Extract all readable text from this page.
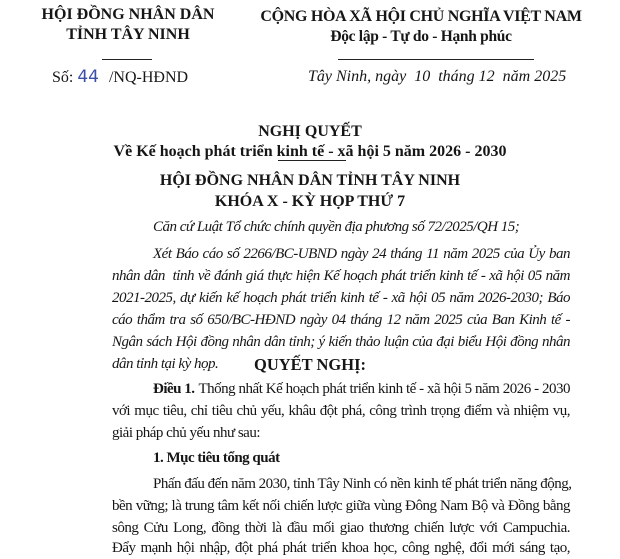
HỘI ĐỒNG NHÂN DÂN
TỈNH TÂY NINH
CỘNG HÒA XÃ HỘI CHỦ NGHĨA VIỆT NAM
Độc lập - Tự do - Hạnh phúc
Số: 44 /NQ-HĐND	Tây Ninh, ngày  10  tháng 12  năm 2025
NGHỊ QUYẾT
Về Kế hoạch phát triển kinh tế - xã hội 5 năm 2026 - 2030
HỘI ĐỒNG NHÂN DÂN TỈNH TÂY NINH
KHÓA X - KỲ HỌP THỨ 7
Căn cứ Luật Tổ chức chính quyền địa phương số 72/2025/QH 15;
Xét Báo cáo số 2266/BC-UBND ngày 24 tháng 11 năm 2025 của Ủy ban
nhân dân  tỉnh về đánh giá thực hiện Kế hoạch phát triển kinh tế - xã hội 05 năm
2021-2025, dự kiến kế hoạch phát triển kinh tế - xã hội 05 năm 2026-2030; Báo
cáo thẩm tra số 650/BC-HĐND ngày 04 tháng 12 năm 2025 của Ban Kinh tế -
Ngân sách Hội đồng nhân dân tỉnh; ý kiến thảo luận của đại biểu Hội đồng nhân
dân tỉnh tại kỳ họp.	QUYẾT NGHỊ:
Điều 1. Thống nhất Kế hoạch phát triển kinh tế - xã hội 5 năm 2026 - 2030
với mục tiêu, chỉ tiêu chủ yếu, khâu đột phá, công trình trọng điểm và nhiệm vụ,
giải pháp chủ yếu như sau:
1. Mục tiêu tổng quát
Phấn đấu đến năm 2030, tỉnh Tây Ninh có nền kinh tế phát triển năng động,
bền vững; là trung tâm kết nối chiến lược giữa vùng Đông Nam Bộ và Đồng bằng
sông Cửu Long, đồng thời là đầu mối giao thương chiến lược với Campuchia.
Đẩy mạnh hội nhập, đột phá phát triển khoa học, công nghệ, đổi mới sáng tạo,
